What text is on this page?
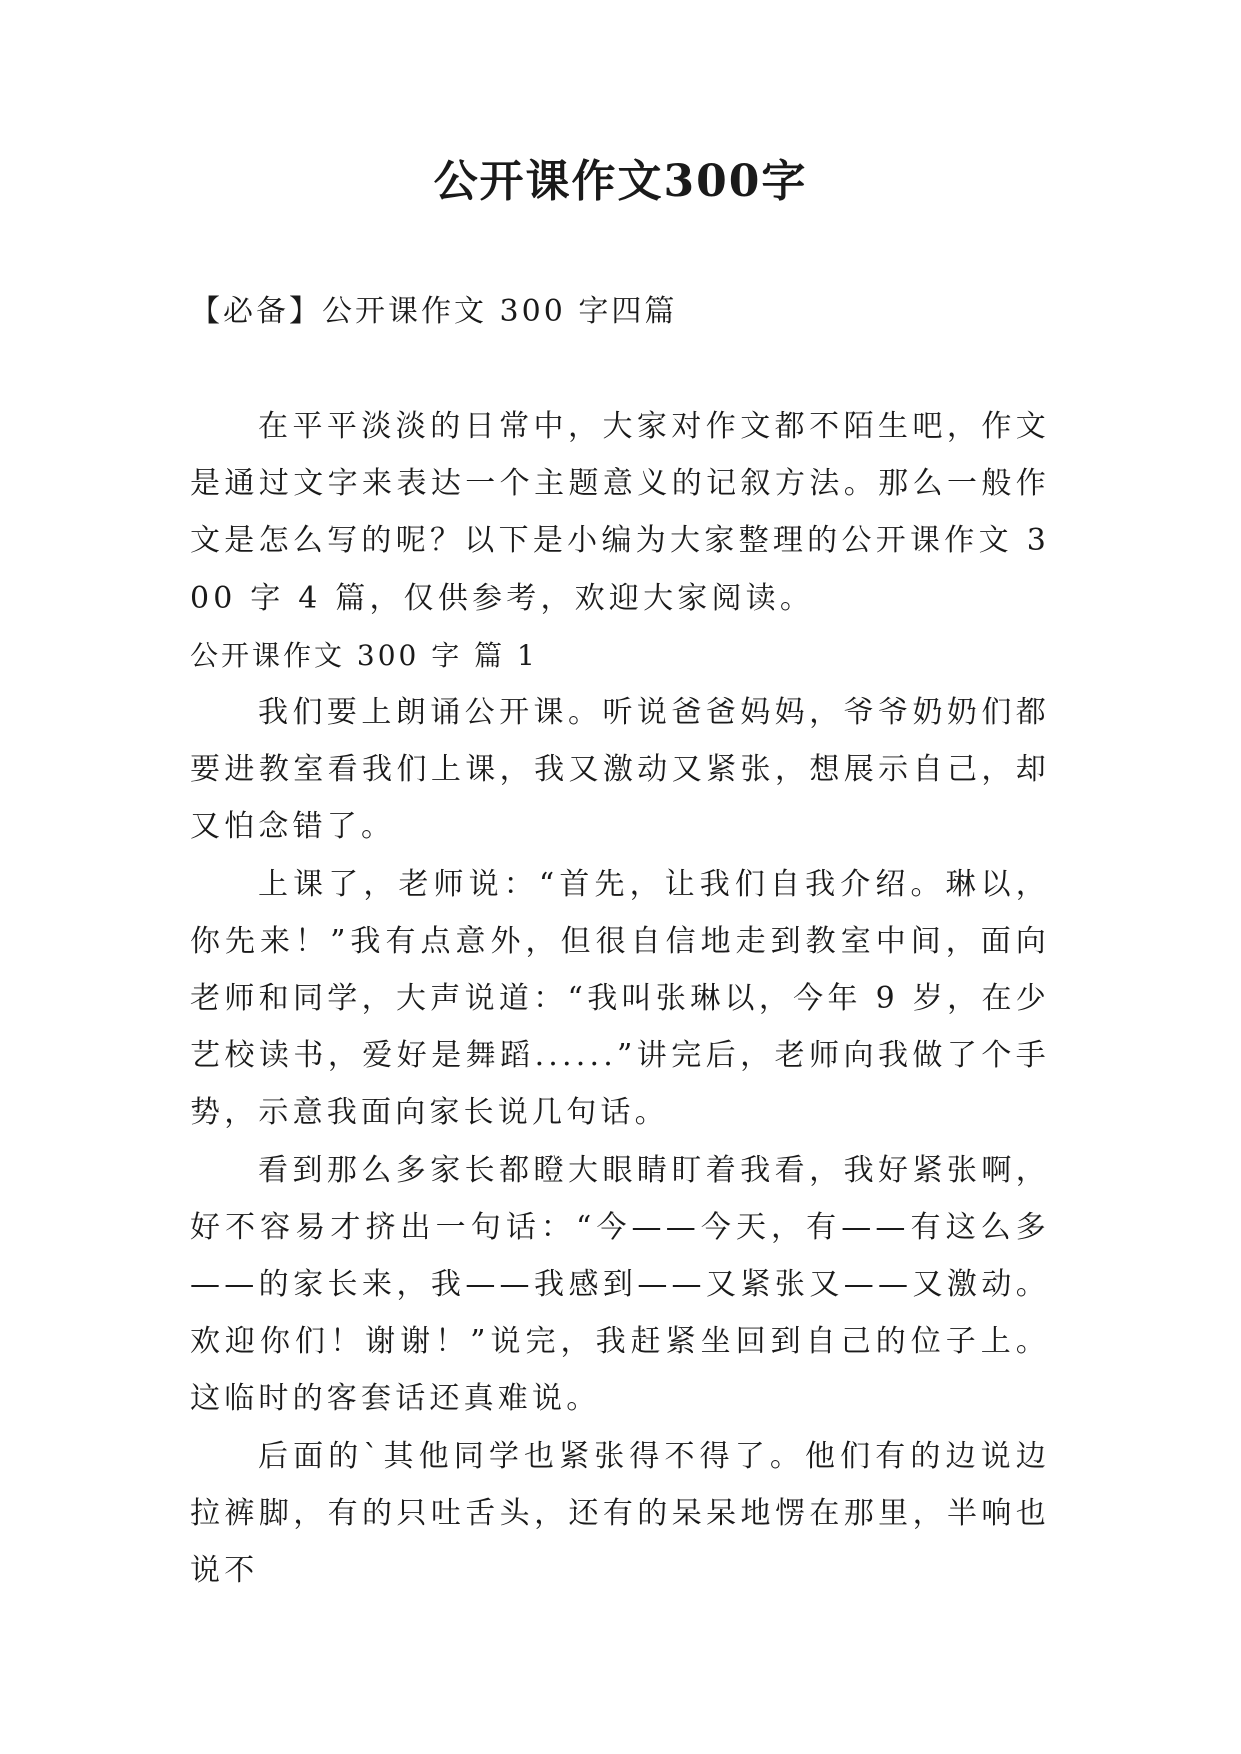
公开课作文300字

【必备】公开课作文 300 字四篇

在平平淡淡的日常中，大家对作文都不陌生吧，作文是通过文字来表达一个主题意义的记叙方法。那么一般作文是怎么写的呢？以下是小编为大家整理的公开课作文 300 字 4 篇，仅供参考，欢迎大家阅读。

公开课作文 300 字 篇 1

我们要上朗诵公开课。听说爸爸妈妈，爷爷奶奶们都要进教室看我们上课，我又激动又紧张，想展示自己，却又怕念错了。

上课了，老师说：“首先，让我们自我介绍。琳以，你先来！”我有点意外，但很自信地走到教室中间，面向老师和同学，大声说道：“我叫张琳以，今年 9 岁，在少艺校读书，爱好是舞蹈......”讲完后，老师向我做了个手势，示意我面向家长说几句话。

看到那么多家长都瞪大眼睛盯着我看，我好紧张啊，好不容易才挤出一句话：“今——今天，有——有这么多——的家长来，我——我感到——又紧张又——又激动。欢迎你们！谢谢！”说完，我赶紧坐回到自己的位子上。这临时的客套话还真难说。

后面的`其他同学也紧张得不得了。他们有的边说边拉裤脚，有的只吐舌头，还有的呆呆地愣在那里，半响也说不
